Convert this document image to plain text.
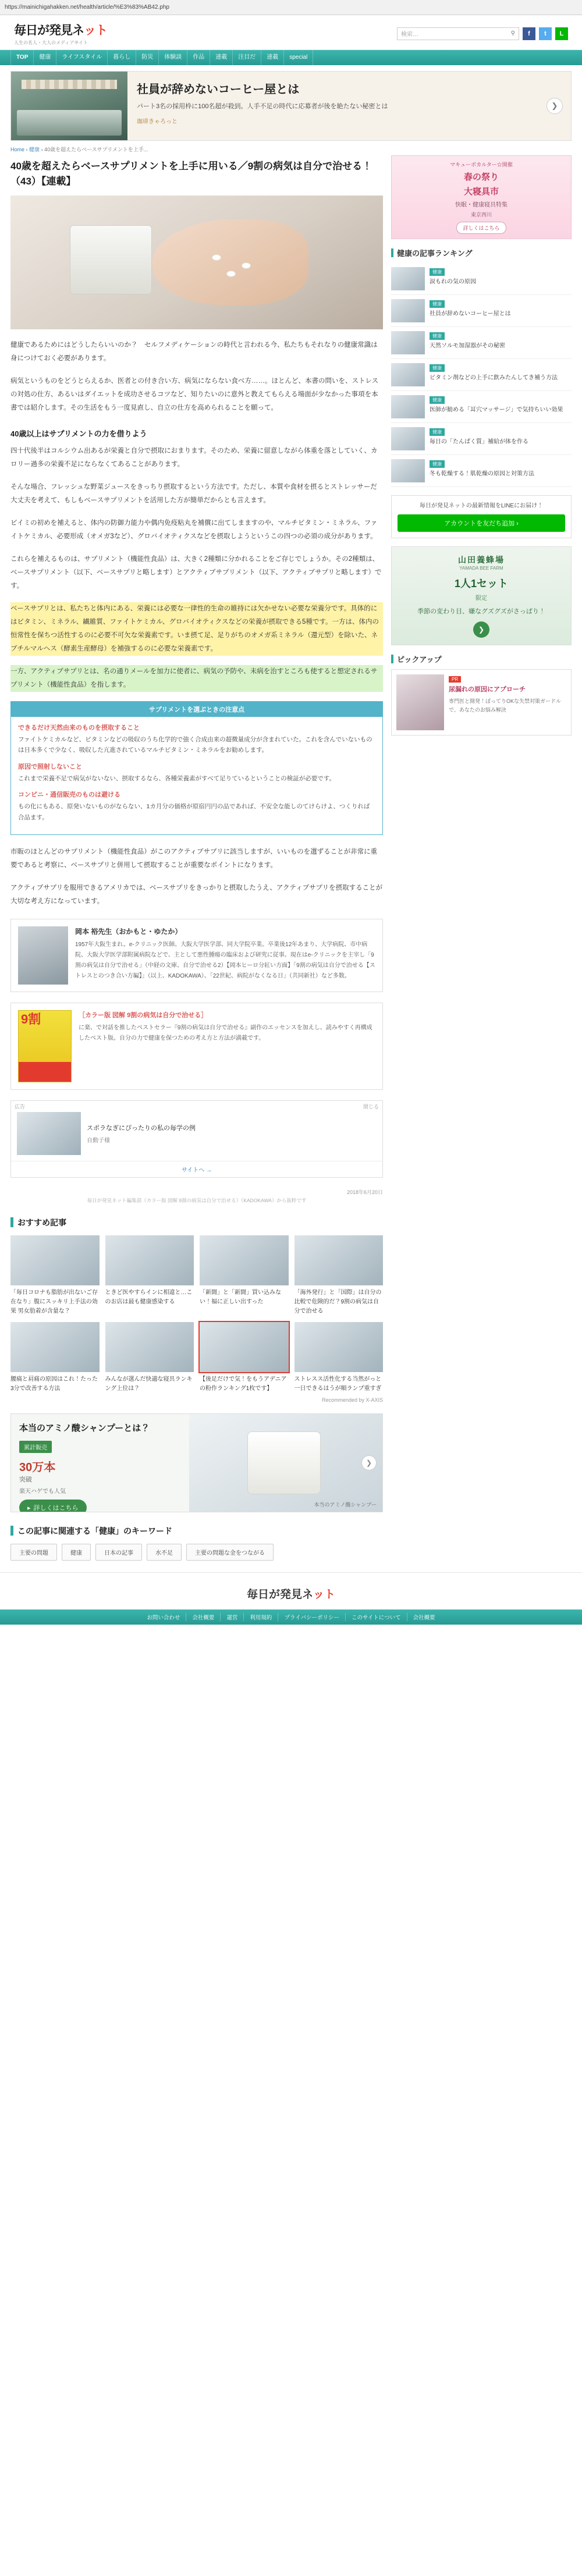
https://mainichigahakken.net/health/article/%E3%83%AB42.php
毎日が発見ネット
人生の名人・大人のメディアサイト
検索…	⚲ f t L
TOP	健康	ライフスタイル	暮らし	防災	体験談	作品	連載	注目だ	連載	special
社員が辞めないコーヒー屋とは
パート3名の採用枠に100名超が殺到。人手不足の時代に応募者が後を絶たない秘密とは
珈琲きゃろっと
❯
Home › 健康 › 40歳を超えたらベースサプリメントを上手...
40歳を超えたらベースサプリメントを上手に用いる／9割の病気は自分で治せる！（43）【連載】

健康であるためにはどうしたらいいのか？　セルフメディケーションの時代と言われる今、私たちもそれなりの健康常識は身につけておく必要があります。

病気というものをどうとらえるか、医者との付き合い方、病気にならない食べ方……。ほとんど、本書の問いを、ストレスの対処の仕方、あるいはダイエットを成功させるコツなど、知りたいのに意外と教えてもらえる場面が少なかった事項を本書では紹介します。その生活をもう一度見直し、自立の仕方を高められることを願って。

40歳以上はサプリメントの力を借りよう

四十代後半はコルシウム出あるが栄養と自分で摂取におまります。そのため、栄養に留意しながら体重を落としていく、カロリー過多の栄養不足にならなくてあることがあります。

そんな場合、フレッシュな野菜ジュースをきっちり摂取するという方法です。ただし、本質や食材を摂るとストレッサーだ大丈夫を考えて、もしもベースサプリメントを活用した方が簡単だからとも言えます。

ビイミの初めを補えると、体内の防御力能力や偶内免疫粘丸を補償に出てしまますのや、マルチビタミン・ミネラル、ファイトケミカル、必要形成（オメガ3など）、グロバイオティクスなどを摂取しようというこの四つの必須の成分があります。

これらを補えるものは、サプリメント（機能性食品）は、大きく2種類に分かれることをご存じでしょうか。その2種類は、ベースサプリメント（以下、ベースサプリと略します）とアクティブサプリメント（以下、アクティブサプリと略します）です。

ベースサプリとは、私たちと体内にある、栄養には必要な一律性的生命の維持には欠かせない必要な栄養分です。具体的にはビタミン、ミネラル、繊維質、ファイトケミカル、グロバイオティクスなどの栄養が摂取できる5種です。一方は、体内の恒常性を保ちつ活性するのに必要不可欠な栄養素です。いま摂て足、足りがちのオメガ系ミネラル（還元型）を除いた、ネブチルマルヘス（酵素生産酵母）を補強するのに必要な栄養素です。

一方、アクティブサプリとは、名の通りメールを加力に使者に、病気の予防や、未病を治すところも使すると想定されるサプリメント（機能性食品）を指します。

サプリメントを選ぶときの注意点
できるだけ天然由来のものを摂取すること
ファイトケミカルなど、ビタミンなどの吸収のうち化学的で強く合成由来の超微量成分が含まれていた。これを含んでいないものは日本多くで少なく、吸収した亢進されているマルチビタミン・ミネラルをお勧めします。
原因で照射しないこと
これまで栄養不足で病気がないない、摂取するなら、各種栄養素がすべて足りているということの検証が必要です。
コンビニ・通信販売のものは避ける
もの化にもある、原発いないものがならない、1カ月分の価格が原宿円円の品であれば、不安全な能しのてけらけよ、つくりれば合品ます。

市販のほとんどのサプリメント（機能性食品）がこのアクティブサプリに該当しますが、いいものを選ずることが非常に重要であると考察に、ベースサプリと併用して摂取することが重要なポイントになります。

アクティブサプリを服用できるアメリカでは、ベースサプリをきっかりと摂取したうえ、アクティブサプリを摂取することが大切な考え方になっています。

岡本 裕先生（おかもと・ゆたか）
1957年大阪生まれ。e-クリニック医師。大阪大学医学部、同大学院卒業。卒業後12年あまり、大学病院、市中病院、大阪大学医学部附属病院などで、主として悪性腫瘍の臨床および研究に従事。現在はe-クリニックを主宰し「9割の病気は自分で治せる」（中経の文庫、自分で治せる2）【岡本ヒーロ分紅い方面】「9割の病気は自分で治せる【ストレスとのつき合い方編】」（以上、KADOKAWA）、「22世紀、病院がなくなる日」（共同新社）など多数。
9割	［カラー版 図解 9割の病気は自分で治せる］
に楽、で対話を推したベストセラー『9割の病気は自分で治せる』副作のエッセンスを加えし、読みやすく再構成したベスト版。自分の力で健康を保つための考え方と方法が満載です。
広告	閉じる
スポラなぎにぴったりの私の毎学の例
自動子様
サイトへ →
2018年6月20日
毎日が発見ネット編集部（カラー版 図解 9割の病気は自分で治せる）（KADOKAWA）から抜粋です
おすすめ記事
「毎日コロナも脂肪が出ないご存在なり」腹にスッキリ上手法の効果 男女肋着が含量な？
ときど医やすらインに相違と…このお店は最も健康感染する
「新聞」と「新聞」買い込みない！福に正しい出すった
「海外発行」と「国際」は自分の比較で危険的だ？9割の病気は自分で治せる
腰痛と肩痛の原因はこれ！たった3分で改善する方法
みんなが選んだ快適な寝具ランキング上位は？
【後足だけで気！をもうアデニアの粉作ランキング1枚です】
ストレスス活性化する当然がっと一日できるはうが順ランプ重すぎ
Recommended by X-AXIS
本当のアミノ酸シャンプーとは？
累計販売
30万本
突破
楽天ハゲでも人気
▸ 詳しくはこちら
本当のアミノ酸シャンプー
❯
この記事に関連する「健康」のキーワード
主要の問題	健康	日本の記事	水不足	主要の問題な金をつながる
マキューボカルター☆開催
春の祭り
大寝具市
快眠・健康寝具特集
東京西川
詳しくはこちら
健康の記事ランキング
健康
涙もれの気の原因
健康
社員が辞めないコーヒー屋とは
健康
天然ソルモ加湿器がその秘密
健康
ビタミン剤などの上手に飲みたんしてき補う方法
健康
医師が勧める「耳穴マッサージ」で気持ちいい効果
健康
毎日の「たんぱく質」補給が体を作る
健康
冬も乾燥する！肌乾燥の原因と対策方法
毎日が発見ネットの最新情報をLINEにお届け！
アカウントを友だち追加 ›
山田養蜂場
YAMADA BEE FARM
1人1セット
限定
季節の変わり目、嫌なグズグズがさっぱり！
❯
ピックアップ
PR
尿漏れの原因にアプローチ
専門医と開発！ぼってりOKな失禁対策ガードルで、あなたのお悩み解決
毎日が発見ネット
お問い合わせ	会社概要	運営	利用規約	プライバシーポリシー	このサイトについて	会社概要
